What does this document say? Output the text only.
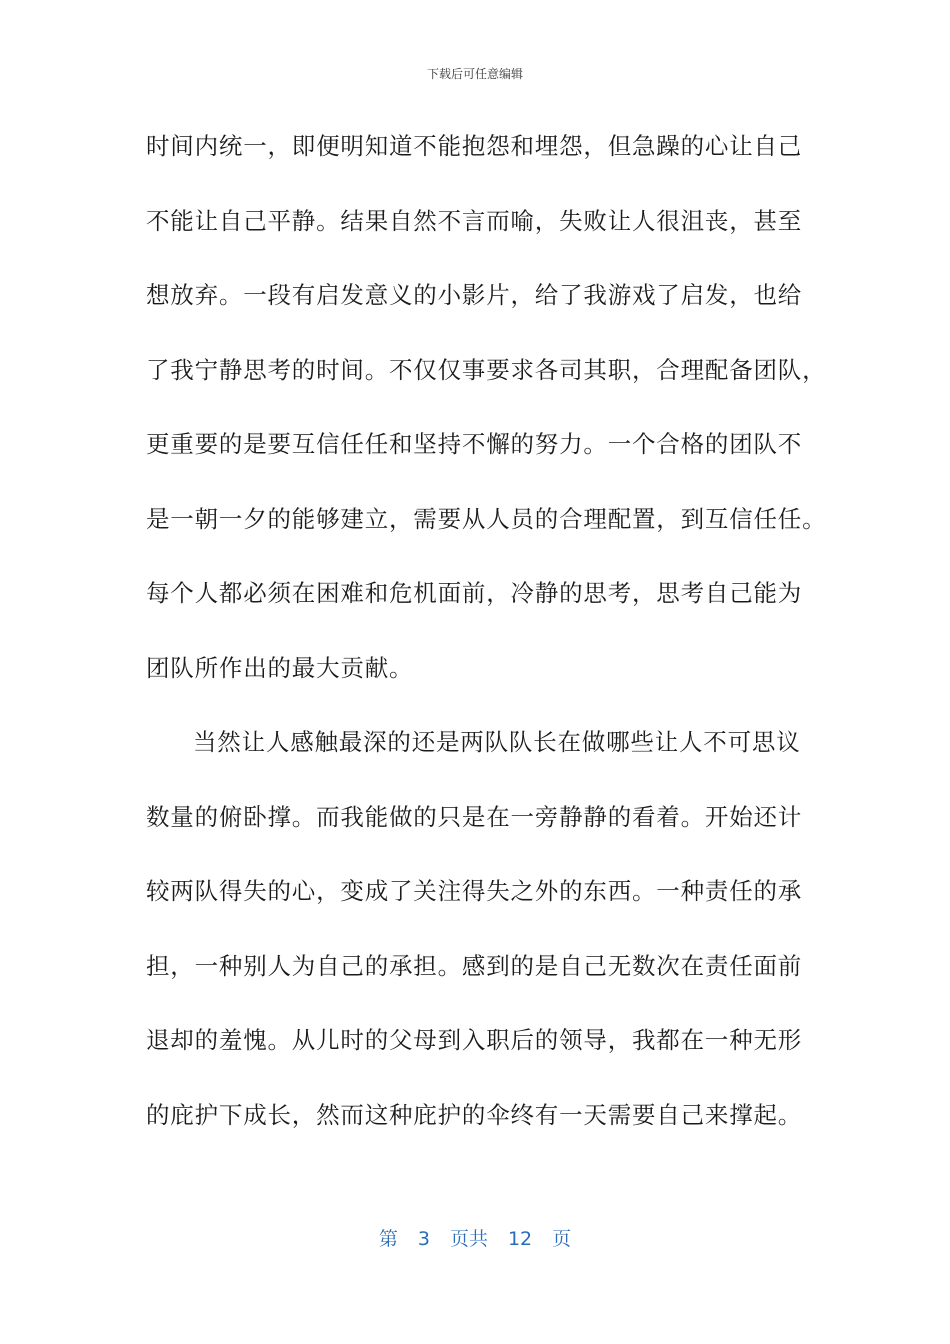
下载后可任意编辑
时间内统一，即便明知道不能抱怨和埋怨，但急躁的心让自己
不能让自己平静。结果自然不言而喻，失败让人很沮丧，甚至
想放弃。一段有启发意义的小影片，给了我游戏了启发，也给
了我宁静思考的时间。不仅仅事要求各司其职，合理配备团队，
更重要的是要互信任任和坚持不懈的努力。一个合格的团队不
是一朝一夕的能够建立，需要从人员的合理配置，到互信任任。
每个人都必须在困难和危机面前，冷静的思考，思考自己能为
团队所作出的最大贡献。
当然让人感触最深的还是两队队长在做哪些让人不可思议
数量的俯卧撑。而我能做的只是在一旁静静的看着。开始还计
较两队得失的心，变成了关注得失之外的东西。一种责任的承
担，一种别人为自己的承担。感到的是自己无数次在责任面前
退却的羞愧。从儿时的父母到入职后的领导，我都在一种无形
的庇护下成长，然而这种庇护的伞终有一天需要自己来撑起。
第 3 页共 12 页
